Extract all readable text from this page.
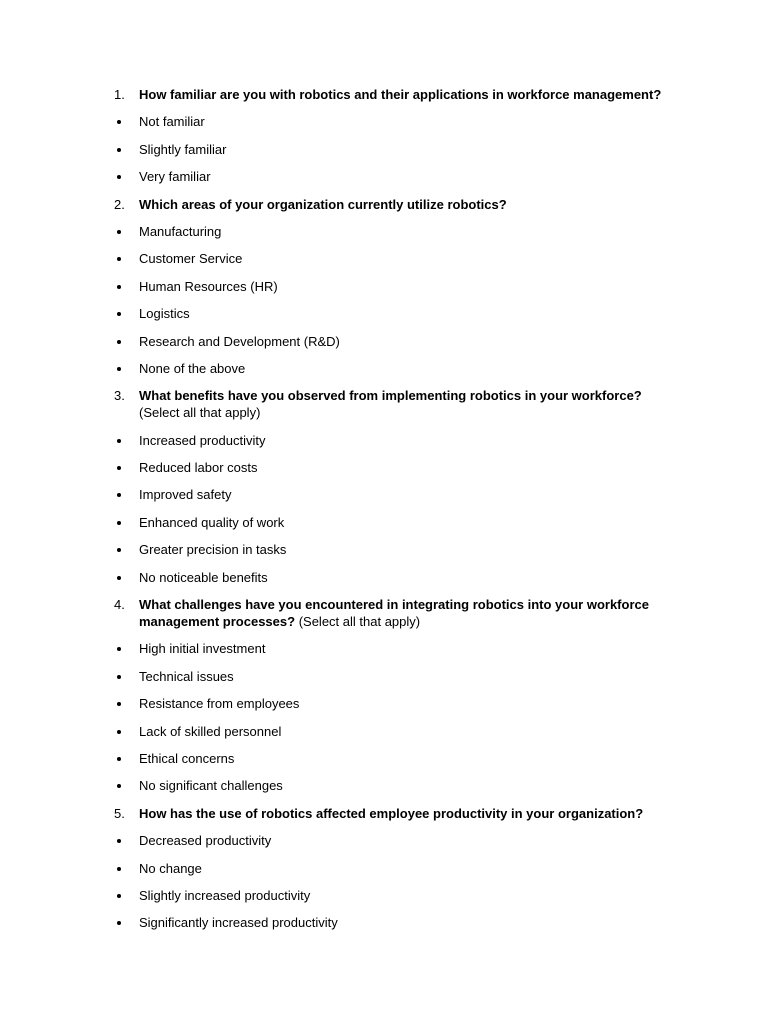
1.	How familiar are you with robotics and their applications in workforce management?
Not familiar
Slightly familiar
Very familiar
2.	Which areas of your organization currently utilize robotics?
Manufacturing
Customer Service
Human Resources (HR)
Logistics
Research and Development (R&D)
None of the above
3.	What benefits have you observed from implementing robotics in your workforce? (Select all that apply)
Increased productivity
Reduced labor costs
Improved safety
Enhanced quality of work
Greater precision in tasks
No noticeable benefits
4.	What challenges have you encountered in integrating robotics into your workforce management processes? (Select all that apply)
High initial investment
Technical issues
Resistance from employees
Lack of skilled personnel
Ethical concerns
No significant challenges
5.	How has the use of robotics affected employee productivity in your organization?
Decreased productivity
No change
Slightly increased productivity
Significantly increased productivity
